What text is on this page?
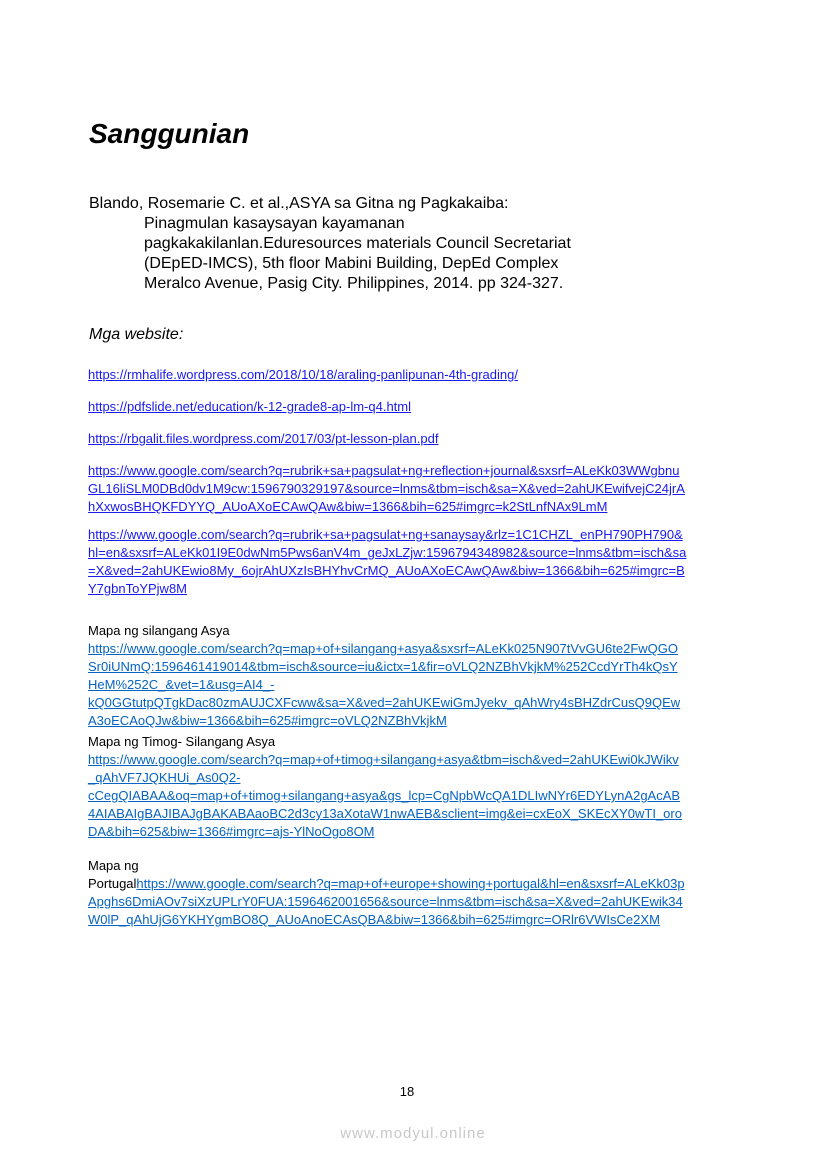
Sanggunian
Blando, Rosemarie C. et al.,ASYA sa Gitna ng Pagkakaiba:
Pinagmulan kasaysayan kayamanan
pagkakakilanlan.Eduresources materials Council Secretariat
(DEpED-IMCS), 5th floor Mabini Building, DepEd Complex
Meralco Avenue, Pasig City. Philippines, 2014. pp 324-327.
Mga website:
https://rmhalife.wordpress.com/2018/10/18/araling-panlipunan-4th-grading/
https://pdfslide.net/education/k-12-grade8-ap-lm-q4.html
https://rbgalit.files.wordpress.com/2017/03/pt-lesson-plan.pdf
https://www.google.com/search?q=rubrik+sa+pagsulat+ng+reflection+journal&sxsrf=ALeKk03WWgbnu
GL16liSLM0DBd0dv1M9cw:1596790329197&source=lnms&tbm=isch&sa=X&ved=2ahUKEwifvejC24jrA
hXxwosBHQKFDYYQ_AUoAXoECAwQAw&biw=1366&bih=625#imgrc=k2StLnfNAx9LmM
https://www.google.com/search?q=rubrik+sa+pagsulat+ng+sanaysay&rlz=1C1CHZL_enPH790PH790&
hl=en&sxsrf=ALeKk01I9E0dwNm5Pws6anV4m_geJxLZjw:1596794348982&source=lnms&tbm=isch&sa
=X&ved=2ahUKEwio8My_6ojrAhUXzIsBHYhvCrMQ_AUoAXoECAwQAw&biw=1366&bih=625#imgrc=B
Y7gbnToYPjw8M
Mapa ng silangang Asya
https://www.google.com/search?q=map+of+silangang+asya&sxsrf=ALeKk025N907tVvGU6te2FwQGO
Sr0iUNmQ:1596461419014&tbm=isch&source=iu&ictx=1&fir=oVLQ2NZBhVkjkM%252CcdYrTh4kQsY
HeM%252C_&vet=1&usg=AI4_-
kQ0GGtutpQTgkDac80zmAUJCXFcww&sa=X&ved=2ahUKEwiGmJyekv_qAhWry4sBHZdrCusQ9QEw
A3oECAoQJw&biw=1366&bih=625#imgrc=oVLQ2NZBhVkjkM
Mapa ng Timog- Silangang Asya
https://www.google.com/search?q=map+of+timog+silangang+asya&tbm=isch&ved=2ahUKEwi0kJWikv
_qAhVF7JQKHUi_As0Q2-
cCegQIABAA&oq=map+of+timog+silangang+asya&gs_lcp=CgNpbWcQA1DLIwNYr6EDYLynA2gAcAB
4AIABAIgBAJIBAJgBAKABAaoBC2d3cy13aXotaW1nwAEB&sclient=img&ei=cxEoX_SKEcXY0wTI_oro
DA&bih=625&biw=1366#imgrc=ajs-YlNoOgo8OM
Mapa ng
Portugalhttps://www.google.com/search?q=map+of+europe+showing+portugal&hl=en&sxsrf=ALeKk03p
Apghs6DmiAOv7siXzUPLrY0FUA:1596462001656&source=lnms&tbm=isch&sa=X&ved=2ahUKEwik34
W0lP_qAhUjG6YKHYgmBO8Q_AUoAnoECAsQBA&biw=1366&bih=625#imgrc=ORlr6VWIsCe2XM
18
www.modyul.online
